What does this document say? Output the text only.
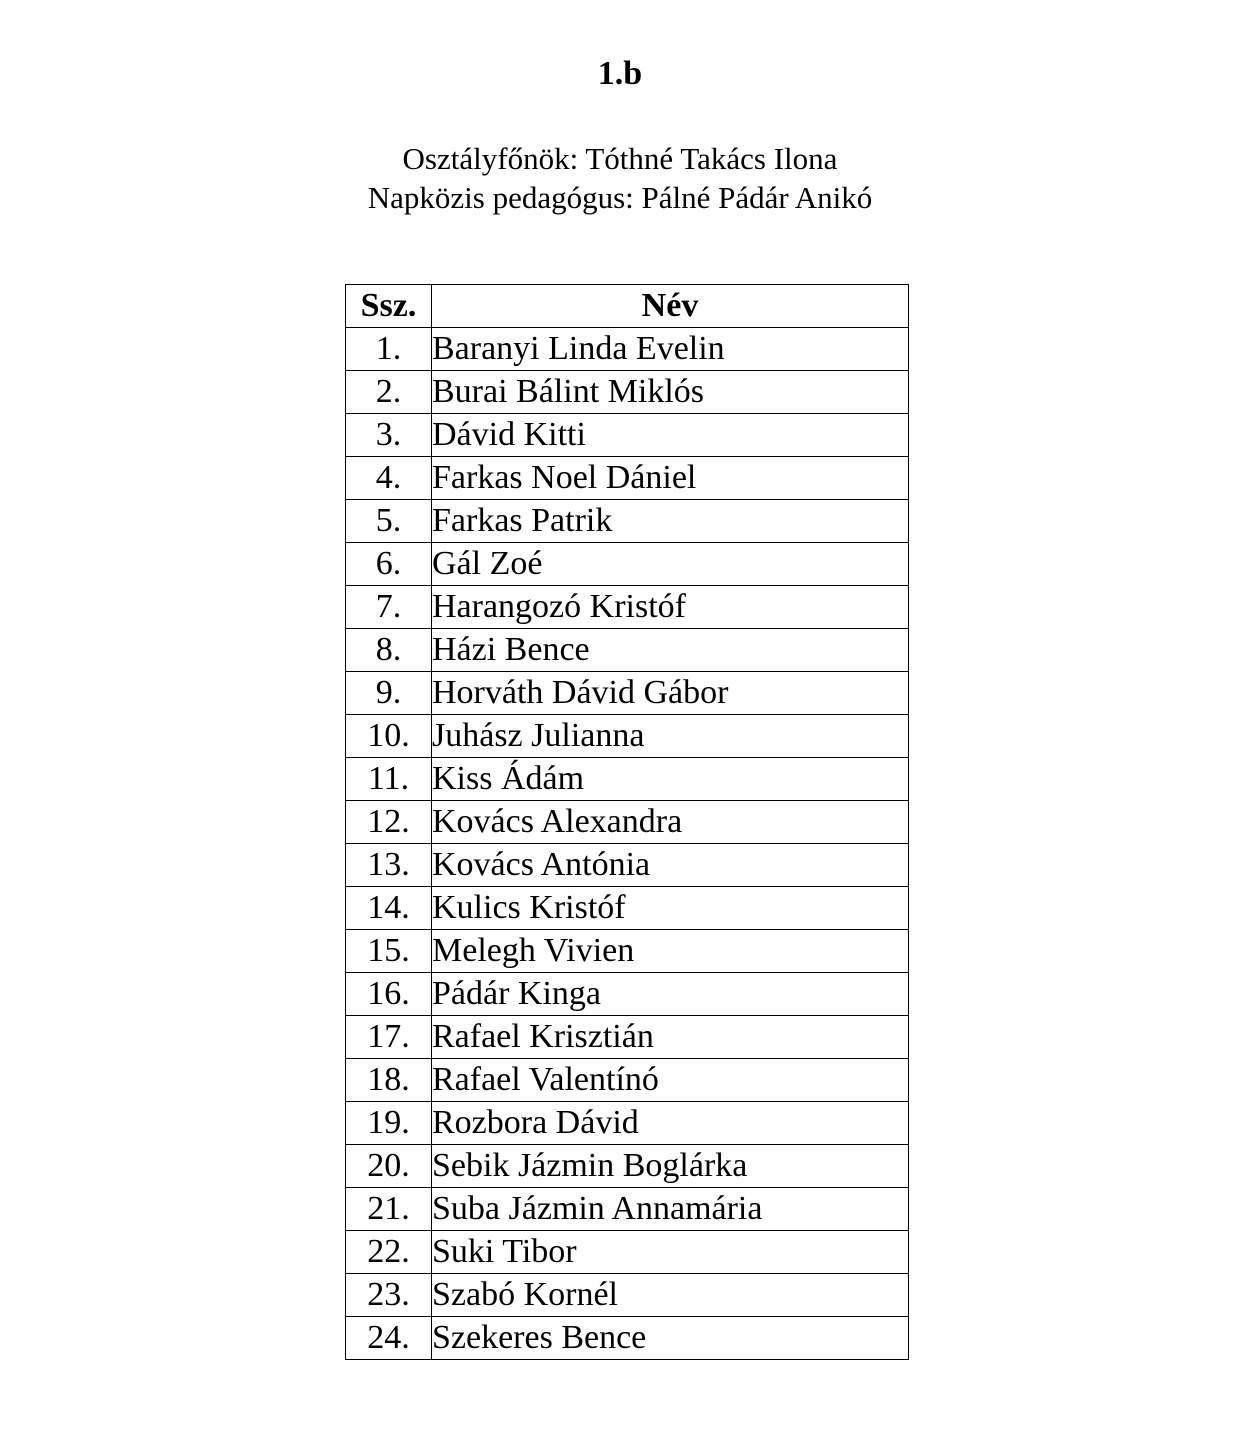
1.b
Osztályfőnök: Tóthné Takács Ilona
Napközis pedagógus: Pálné Pádár Anikó
Ssz.	Név
1.	Baranyi Linda Evelin
2.	Burai Bálint Miklós
3.	Dávid Kitti
4.	Farkas Noel Dániel
5.	Farkas Patrik
6.	Gál Zoé
7.	Harangozó Kristóf
8.	Házi Bence
9.	Horváth Dávid Gábor
10.	Juhász Julianna
11.	Kiss Ádám
12.	Kovács Alexandra
13.	Kovács Antónia
14.	Kulics Kristóf
15.	Melegh Vivien
16.	Pádár Kinga
17.	Rafael Krisztián
18.	Rafael Valentínó
19.	Rozbora Dávid
20.	Sebik Jázmin Boglárka
21.	Suba Jázmin Annamária
22.	Suki Tibor
23.	Szabó Kornél
24.	Szekeres Bence
